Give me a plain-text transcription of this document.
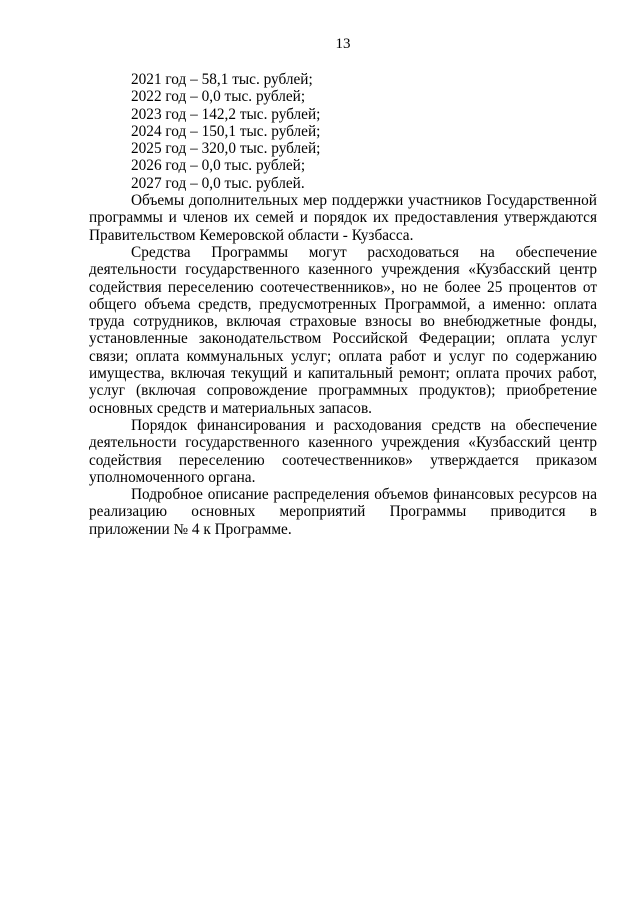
13
2021 год – 58,1 тыс. рублей;
2022 год – 0,0 тыс. рублей;
2023 год – 142,2 тыс. рублей;
2024 год – 150,1 тыс. рублей;
2025 год – 320,0 тыс. рублей;
2026 год – 0,0 тыс. рублей;
2027 год – 0,0 тыс. рублей.
Объемы дополнительных мер поддержки участников Государственной
программы и членов их семей и порядок их предоставления утверждаются
Правительством Кемеровской области - Кузбасса.
Средства Программы могут расходоваться на обеспечение
деятельности государственного казенного учреждения «Кузбасский центр
содействия переселению соотечественников», но не более 25 процентов от
общего объема средств, предусмотренных Программой, а именно: оплата
труда сотрудников, включая страховые взносы во внебюджетные фонды,
установленные законодательством Российской Федерации; оплата услуг
связи; оплата коммунальных услуг; оплата работ и услуг по содержанию
имущества, включая текущий и капитальный ремонт; оплата прочих работ,
услуг (включая сопровождение программных продуктов); приобретение
основных средств и материальных запасов.
Порядок финансирования и расходования средств на обеспечение
деятельности государственного казенного учреждения «Кузбасский центр
содействия переселению соотечественников» утверждается приказом
уполномоченного органа.
Подробное описание распределения объемов финансовых ресурсов на
реализацию основных мероприятий Программы приводится в
приложении № 4 к Программе.
